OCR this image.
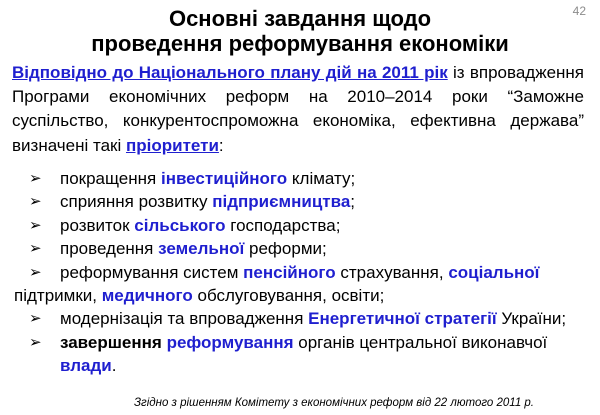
42
Основні завдання щодо
проведення реформування економіки
Відповідно до Національного плану дій на 2011 рік із впровадження Програми економічних реформ на 2010–2014 роки “Заможне суспільство, конкурентоспроможна економіка, ефективна держава” визначені такі пріоритети:
➢ покращення інвестиційного клімату;
➢ сприяння розвитку підприємництва;
➢ розвиток сільського господарства;
➢ проведення земельної реформи;
➢ реформування систем пенсійного страхування, соціальної
підтримки, медичного обслуговування, освіти;
➢ модернізація та впровадження Енергетичної стратегії України;
➢ завершення реформування органів центральної виконавчої влади.
Згідно з рішенням Комітету з економічних реформ від 22 лютого 2011 р.
